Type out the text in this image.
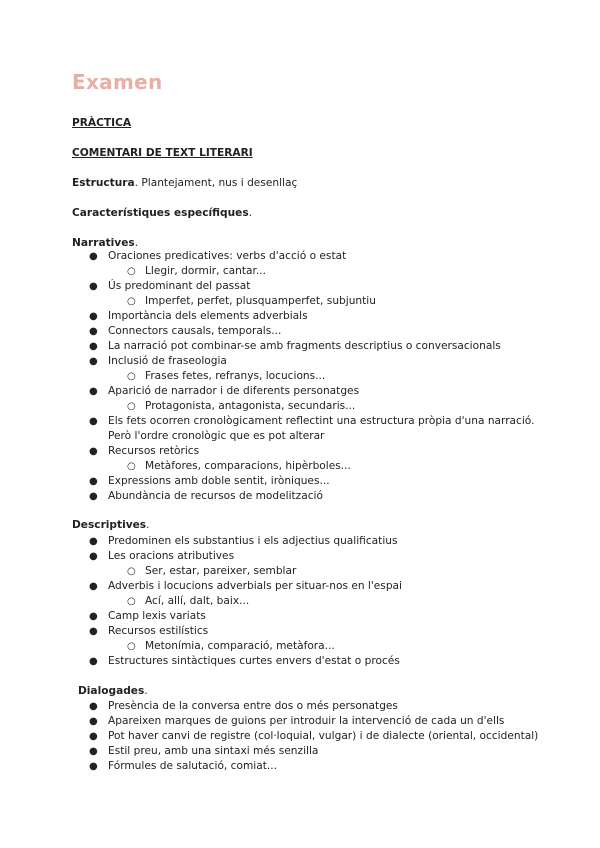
Examen
PRÀCTICA
COMENTARI DE TEXT LITERARI
Estructura. Plantejament, nus i desenllaç
Característiques específiques.
Narratives.
● Oraciones predicatives: verbs d'acció o estat
○ Llegir, dormir, cantar...
● Ús predominant del passat
○ Imperfet, perfet, plusquamperfet, subjuntiu
● Importància dels elements adverbials
● Connectors causals, temporals...
● La narració pot combinar-se amb fragments descriptius o conversacionals
● Inclusió de fraseologia
○ Frases fetes, refranys, locucions...
● Aparició de narrador i de diferents personatges
○ Protagonista, antagonista, secundaris...
● Els fets ocorren cronològicament reflectint una estructura pròpia d'una narració.
Però l'ordre cronològic que es pot alterar
● Recursos retòrics
○ Metàfores, comparacions, hipèrboles...
● Expressions amb doble sentit, iròniques...
● Abundància de recursos de modelització
Descriptives.
● Predominen els substantius i els adjectius qualificatius
● Les oracions atributives
○ Ser, estar, pareixer, semblar
● Adverbis i locucions adverbials per situar-nos en l'espai
○ Ací, allí, dalt, baix...
● Camp lexis variats
● Recursos estilístics
○ Metonímia, comparació, metàfora...
● Estructures sintàctiques curtes envers d'estat o procés
Dialogades.
● Presència de la conversa entre dos o més personatges
● Apareixen marques de guions per introduir la intervenció de cada un d'ells
● Pot haver canvi de registre (col·loquial, vulgar) i de dialecte (oriental, occidental)
● Estil preu, amb una sintaxi més senzilla
● Fórmules de salutació, comiat...
